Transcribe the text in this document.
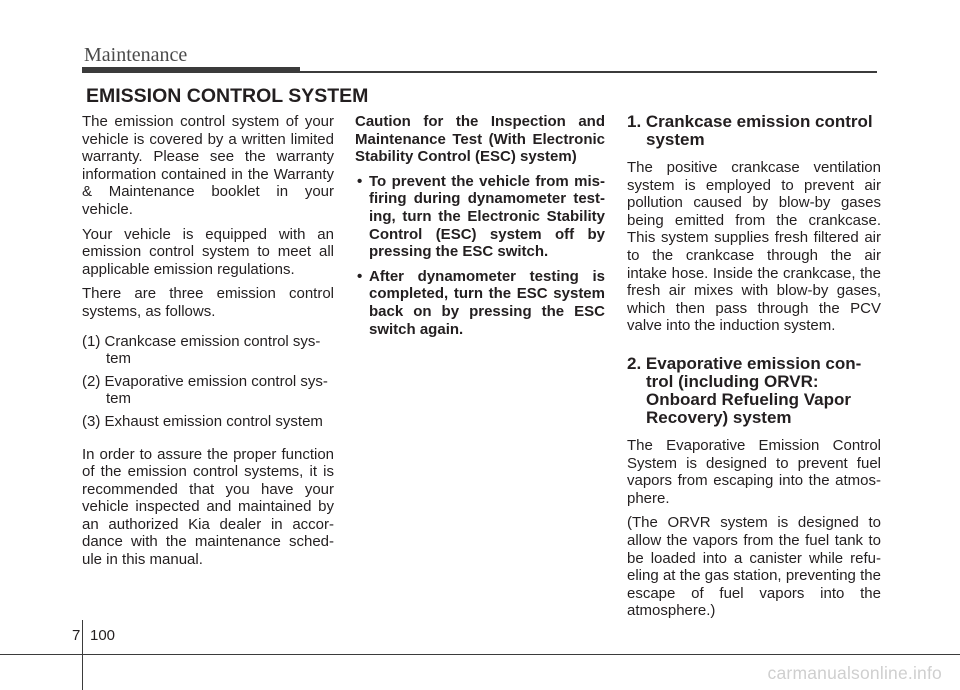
Maintenance
EMISSION CONTROL SYSTEM

The emission control system of your vehicle is covered by a written limited warranty. Please see the warranty information contained in the Warranty & Maintenance booklet in your vehicle.

Your vehicle is equipped with an emission control system to meet all applicable emission regulations.

There are three emission control systems, as follows.

(1) Crankcase emission control sys-tem
(2) Evaporative emission control sys-tem
(3) Exhaust emission control system

In order to assure the proper function of the emission control systems, it is recommended that you have your vehicle inspected and maintained by an authorized Kia dealer in accor-dance with the maintenance sched-ule in this manual.

Caution for the Inspection and Maintenance Test (With Electronic Stability Control (ESC) system)

• To prevent the vehicle from mis-firing during dynamometer test-ing, turn the Electronic Stability Control (ESC) system off by pressing the ESC switch.
• After dynamometer testing is completed, turn the ESC system back on by pressing the ESC switch again.
1. Crankcase emission control system

The positive crankcase ventilation system is employed to prevent air pollution caused by blow-by gases being emitted from the crankcase. This system supplies fresh filtered air to the crankcase through the air intake hose. Inside the crankcase, the fresh air mixes with blow-by gases, which then pass through the PCV valve into the induction system.

2. Evaporative emission con-trol (including ORVR: Onboard Refueling Vapor Recovery) system

The Evaporative Emission Control System is designed to prevent fuel vapors from escaping into the atmos-phere.

(The ORVR system is designed to allow the vapors from the fuel tank to be loaded into a canister while refu-eling at the gas station, preventing the escape of fuel vapors into the atmosphere.)

7 100
carmanualsonline.info
